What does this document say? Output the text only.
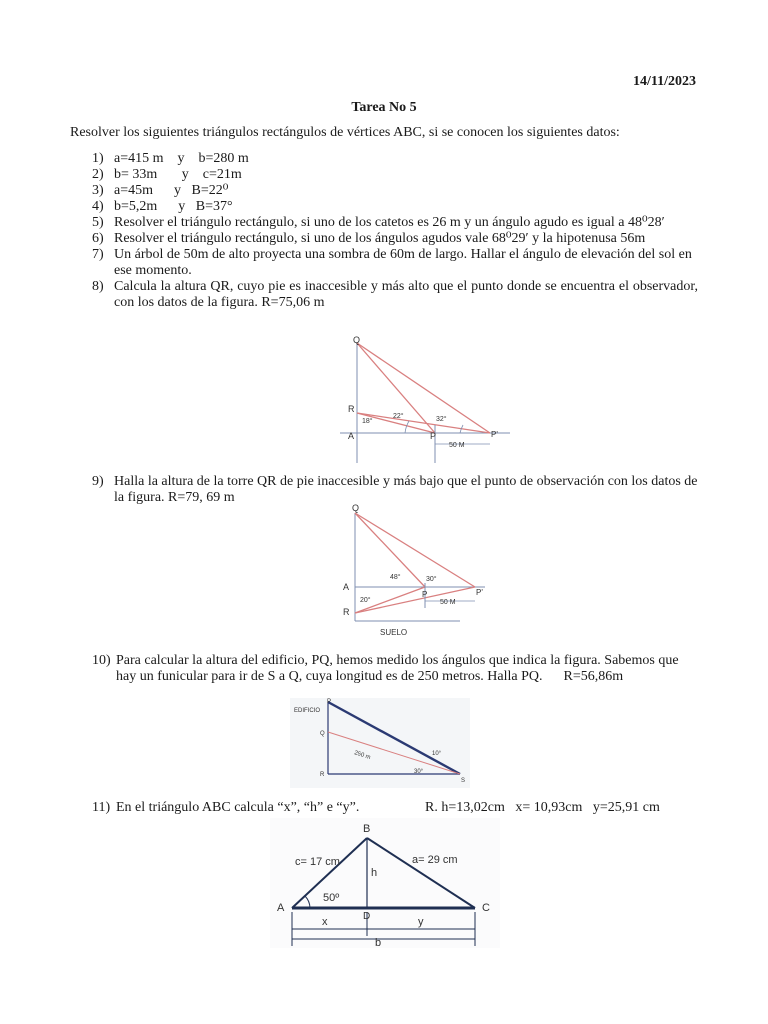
14/11/2023
Tarea No 5
Resolver los siguientes triángulos rectángulos de vértices ABC, si se conocen los siguientes datos:
1) a=415 m    y    b=280 m
2) b= 33m       y    c=21m
3) a=45m      y   B=22⁰
4) b=5,2m      y   B=37°
5) Resolver el triángulo rectángulo, si uno de los catetos es 26 m y un ángulo agudo es igual a 48⁰28′
6) Resolver el triángulo rectángulo, si uno de los ángulos agudos vale 68⁰29′ y la hipotenusa 56m
7) Un árbol de 50m de alto proyecta una sombra de 60m de largo. Hallar el ángulo de elevación del sol en ese momento.
8) Calcula la altura QR, cuyo pie es inaccesible y más alto que el punto donde se encuentra el observador, con los datos de la figura. R=75,06 m
Q
R
A	P	P'
18°
22°	32°
50 M
9) Halla la altura de la torre QR de pie inaccesible y más bajo que el punto de observación con los datos de la figura. R=79, 69 m
Q
A
R
P	P'
48°	30°
20°	50 M
SUELO
10) Para calcular la altura del edificio, PQ, hemos medido los ángulos que indica la figura. Sabemos que hay un funicular para ir de S a Q, cuya longitud es de 250 metros. Halla PQ.      R=56,86m
EDIFICIO
P
Q
R
S
250 m	10°
30°
11) En el triángulo ABC calcula “x”, “h” e “y”.	R. h=13,02cm   x= 10,93cm   y=25,91 cm
B
A	C
D
c= 17 cm	a= 29 cm
h
50º
x	y
b
